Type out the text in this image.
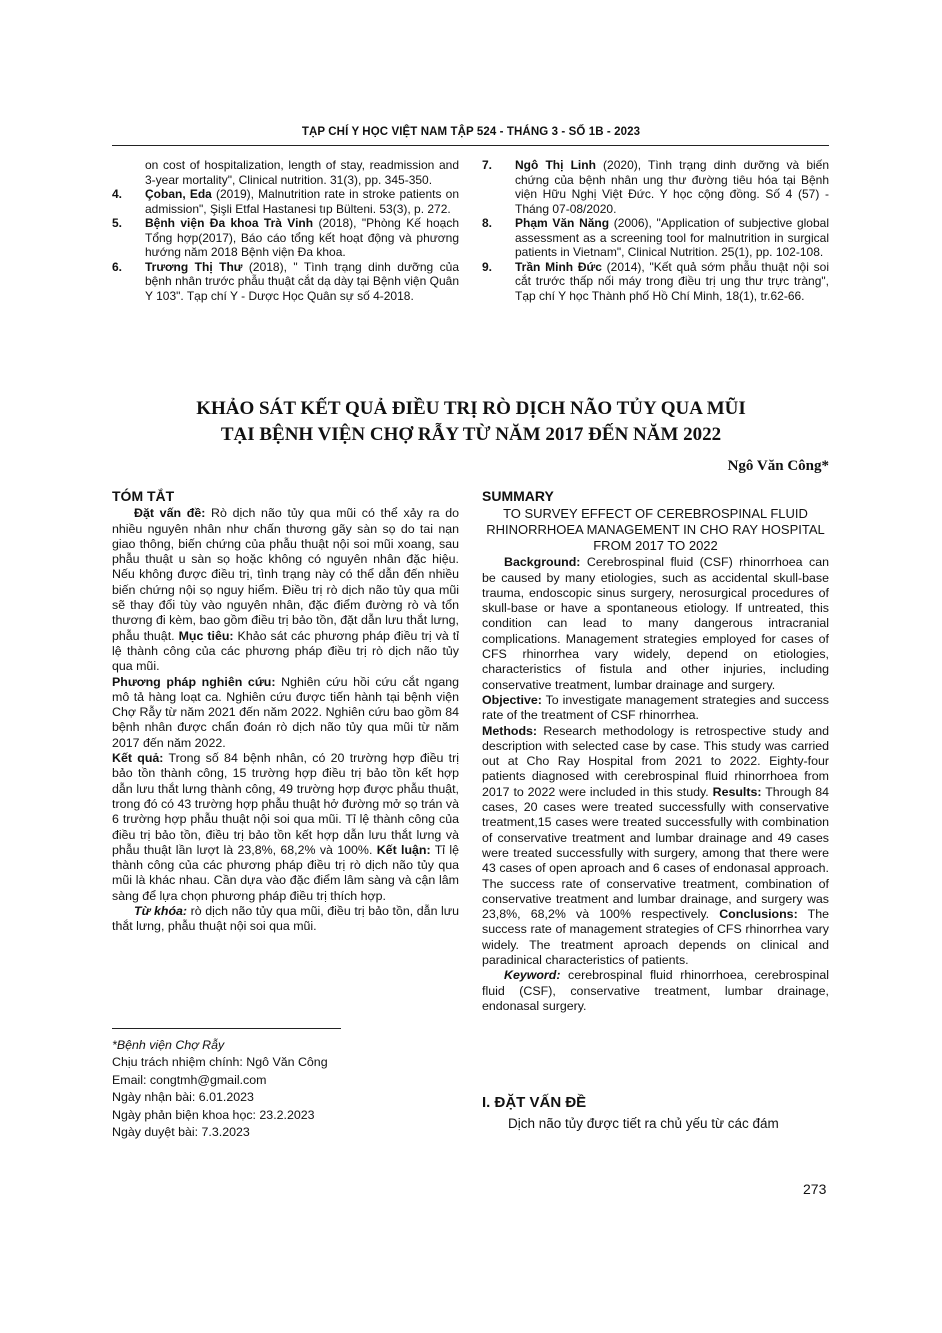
TẠP CHÍ Y HỌC VIỆT NAM TẬP 524 - THÁNG 3 - SỐ 1B - 2023

on cost of hospitalization, length of stay, readmission and 3-year mortality", Clinical nutrition. 31(3), pp. 345-350.

4. Çoban, Eda (2019), Malnutrition rate in stroke patients on admission", Şişli Etfal Hastanesi tıp Bülteni. 53(3), p. 272.

5. Bệnh viện Đa khoa Trà Vinh (2018), "Phòng Kế hoạch Tổng hợp(2017), Báo cáo tổng kết hoạt động và phương hướng năm 2018 Bệnh viện Đa khoa.

6. Trương Thị Thư (2018), " Tình trạng dinh dưỡng của bệnh nhân trước phẫu thuật cắt dạ dày tại Bệnh viện Quân Y 103". Tạp chí Y - Dược Học Quân sự số 4-2018.

7. Ngô Thị Linh (2020), Tình trạng dinh dưỡng và biến chứng của bệnh nhân ung thư đường tiêu hóa tại Bệnh viện Hữu Nghị Việt Đức. Y học cộng đồng. Số 4 (57) - Tháng 07-08/2020.

8. Phạm Văn Năng (2006), "Application of subjective global assessment as a screening tool for malnutrition in surgical patients in Vietnam", Clinical Nutrition. 25(1), pp. 102-108.

9. Trần Minh Đức (2014), "Kết quả sớm phẫu thuật nội soi cắt trước thấp nối máy trong điều trị ung thư trực tràng", Tạp chí Y học Thành phố Hồ Chí Minh, 18(1), tr.62-66.

KHẢO SÁT KẾT QUẢ ĐIỀU TRỊ RÒ DỊCH NÃO TỦY QUA MŨI
TẠI BỆNH VIỆN CHỢ RẪY TỪ NĂM 2017 ĐẾN NĂM 2022
Ngô Văn Công*
TÓM TẮT

Đặt vấn đề: Rò dịch não tủy qua mũi có thể xảy ra do nhiều nguyên nhân như chấn thương gãy sàn sọ do tai nạn giao thông, biến chứng của phẫu thuật nội soi mũi xoang, sau phẫu thuật u sàn sọ hoặc không có nguyên nhân đặc hiệu. Nếu không được điều trị, tình trạng này có thể dẫn đến nhiều biến chứng nội sọ nguy hiểm. Điều trị rò dịch não tủy qua mũi sẽ thay đổi tùy vào nguyên nhân, đặc điểm đường rò và tổn thương đi kèm, bao gồm điều trị bảo tồn, đặt dẫn lưu thắt lưng, phẫu thuật. Mục tiêu: Khảo sát các phương pháp điều trị và tỉ lệ thành công của các phương pháp điều trị rò dịch não tủy qua mũi.

Phương pháp nghiên cứu: Nghiên cứu hồi cứu cắt ngang mô tả hàng loạt ca. Nghiên cứu được tiến hành tại bệnh viện Chợ Rẫy từ năm 2021 đến năm 2022. Nghiên cứu bao gồm 84 bệnh nhân được chẩn đoán rò dịch não tủy qua mũi từ năm 2017 đến năm 2022.

Kết quả: Trong số 84 bệnh nhân, có 20 trường hợp điều trị bảo tồn thành công, 15 trường hợp điều trị bảo tồn kết hợp dẫn lưu thắt lưng thành công, 49 trường hợp được phẫu thuật, trong đó có 43 trường hợp phẫu thuật hở đường mở sọ trán và 6 trường hợp phẫu thuật nội soi qua mũi. Tỉ lệ thành công của điều trị bảo tồn, điều trị bảo tồn kết hợp dẫn lưu thắt lưng và phẫu thuật lần lượt là 23,8%, 68,2% và 100%. Kết luận: Tỉ lệ thành công của các phương pháp điều trị rò dịch não tủy qua mũi là khác nhau. Cần dựa vào đặc điểm lâm sàng và cận lâm sàng để lựa chọn phương pháp điều trị thích hợp.

Từ khóa: rò dịch não tủy qua mũi, điều trị bảo tồn, dẫn lưu thắt lưng, phẫu thuật nội soi qua mũi.

SUMMARY
TO SURVEY EFFECT OF CEREBROSPINAL FLUID RHINORRHOEA MANAGEMENT IN CHO RAY HOSPITAL FROM 2017 TO 2022

Background: Cerebrospinal fluid (CSF) rhinorrhoea can be caused by many etiologies, such as accidental skull-base trauma, endoscopic sinus surgery, nerosurgical procedures of skull-base or have a spontaneous etiology. If untreated, this condition can lead to many dangerous intracranial complications. Management strategies employed for cases of CFS rhinorrhea vary widely, depend on etiologies, characteristics of fistula and other injuries, including conservative treatment, lumbar drainage and surgery.

Objective: To investigate management strategies and success rate of the treatment of CSF rhinorrhea.

Methods: Research methodology is retrospective study and description with selected case by case. This study was carried out at Cho Ray Hospital from 2021 to 2022. Eighty-four patients diagnosed with cerebrospinal fluid rhinorrhoea from 2017 to 2022 were included in this study. Results: Through 84 cases, 20 cases were treated successfully with conservative treatment,15 cases were treated successfully with combination of conservative treatment and lumbar drainage and 49 cases were treated successfully with surgery, among that there were 43 cases of open aproach and 6 cases of endonasal approach. The success rate of conservative treatment, combination of conservative treatment and lumbar drainage, and surgery was 23,8%, 68,2% và 100% respectively. Conclusions: The success rate of management strategies of CFS rhinorrhea vary widely. The treatment aproach depends on clinical and paradinical characteristics of patients.

Keyword: cerebrospinal fluid rhinorrhoea, cerebrospinal fluid (CSF), conservative treatment, lumbar drainage, endonasal surgery.

*Bệnh viện Chợ Rẫy
Chịu trách nhiệm chính: Ngô Văn Công
Email: congtmh@gmail.com
Ngày nhận bài: 6.01.2023
Ngày phản biện khoa học: 23.2.2023
Ngày duyệt bài: 7.3.2023
I. ĐẶT VẤN ĐỀ
Dịch não tủy được tiết ra chủ yếu từ các đám
273
